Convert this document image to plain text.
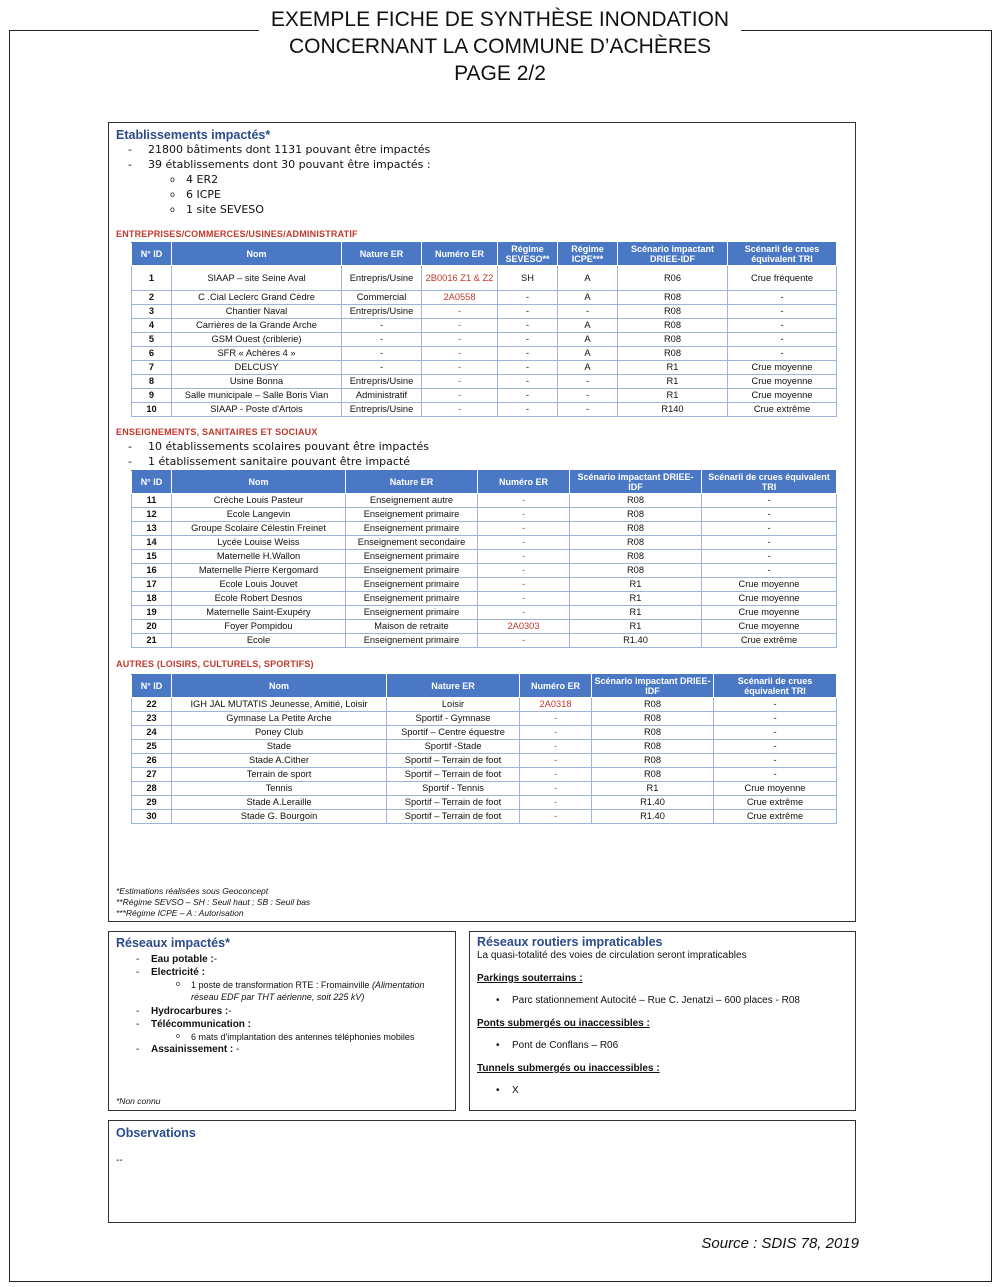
EXEMPLE FICHE DE SYNTHÈSE INONDATION
CONCERNANT LA COMMUNE D’ACHÈRES
PAGE 2/2
Etablissements impactés*
- 21800 bâtiments dont 1131 pouvant être impactés
- 39 établissements dont 30 pouvant être impactés :
o 4 ER2
o 6 ICPE
o 1 site SEVESO
ENTREPRISES/COMMERCES/USINES/ADMINISTRATIF
N° ID	Nom	Nature ER	Numéro ER	Régime SEVESO**	Régime ICPE***	Scénario impactant DRIEE-IDF	Scénarii de crues équivalent TRI
1	SIAAP – site Seine Aval	Entrepris/Usine	2B0016 Z1 & Z2	SH	A	R06	Crue fréquente
2	C .Cial Leclerc Grand Cèdre	Commercial	2A0558	-	A	R08	-
3	Chantier Naval	Entrepris/Usine	-	-	-	R08	-
4	Carrières de la Grande Arche	-	-	-	A	R08	-
5	GSM Ouest (criblerie)	-	-	-	A	R08	-
6	SFR « Achères 4 »	-	-	-	A	R08	-
7	DELCUSY	-	-	-	A	R1	Crue moyenne
8	Usine Bonna	Entrepris/Usine	-	-	-	R1	Crue moyenne
9	Salle municipale – Salle Boris Vian	Administratif	-	-	-	R1	Crue moyenne
10	SIAAP - Poste d'Artois	Entrepris/Usine	-	-	-	R140	Crue extrême
ENSEIGNEMENTS, SANITAIRES ET SOCIAUX
- 10 établissements scolaires pouvant être impactés
- 1 établissement sanitaire pouvant être impacté
N° ID	Nom	Nature ER	Numéro ER	Scénario impactant DRIEE-IDF	Scénarii de crues équivalent TRI
11	Crèche Louis Pasteur	Enseignement autre	-	R08	-
12	Ecole Langevin	Enseignement primaire	-	R08	-
13	Groupe Scolaire Célestin Freinet	Enseignement primaire	-	R08	-
14	Lycée Louise Weiss	Enseignement secondaire	-	R08	-
15	Maternelle H.Wallon	Enseignement primaire	-	R08	-
16	Maternelle Pierre Kergomard	Enseignement primaire	-	R08	-
17	Ecole Louis Jouvet	Enseignement primaire	-	R1	Crue moyenne
18	Ecole Robert Desnos	Enseignement primaire	-	R1	Crue moyenne
19	Maternelle Saint-Exupéry	Enseignement primaire	-	R1	Crue moyenne
20	Foyer Pompidou	Maison de retraite	2A0303	R1	Crue moyenne
21	Ecole	Enseignement primaire	-	R1.40	Crue extrême
AUTRES (LOISIRS, CULTURELS, SPORTIFS)
N° ID	Nom	Nature ER	Numéro ER	Scénario impactant DRIEE-IDF	Scénarii de crues équivalent TRI
22	IGH JAL MUTATIS Jeunesse, Amitié, Loisir	Loisir	2A0318	R08	-
23	Gymnase La Petite Arche	Sportif - Gymnase	-	R08	-
24	Poney Club	Sportif – Centre équestre	-	R08	-
25	Stade	Sportif -Stade	-	R08	-
26	Stade A.Cither	Sportif – Terrain de foot	-	R08	-
27	Terrain de sport	Sportif – Terrain de foot	-	R08	-
28	Tennis	Sportif - Tennis	-	R1	Crue moyenne
29	Stade A.Leraille	Sportif – Terrain de foot	-	R1.40	Crue extrême
30	Stade G. Bourgoin	Sportif – Terrain de foot	-	R1.40	Crue extrême
*Estimations réalisées sous Geoconcept
**Régime SEVSO – SH : Seuil haut ; SB : Seuil bas
***Régime ICPE – A : Autorisation
Réseaux impactés*
- Eau potable :-
- Electricité :
o 1 poste de transformation RTE : Fromainville (Alimentation réseau EDF par THT aérienne, soit 225 kV)
- Hydrocarbures :-
- Télécommunication :
o 6 mats d'implantation des antennes téléphonies mobiles
- Assainissement : -
*Non connu
Réseaux routiers impraticables
La quasi-totalité des voies de circulation seront impraticables
Parkings souterrains :
• Parc stationnement Autocité – Rue C. Jenatzi – 600 places - R08
Ponts submergés ou inaccessibles :
• Pont de Conflans – R06
Tunnels submergés ou inaccessibles :
• X
Observations
--
Source : SDIS 78, 2019
